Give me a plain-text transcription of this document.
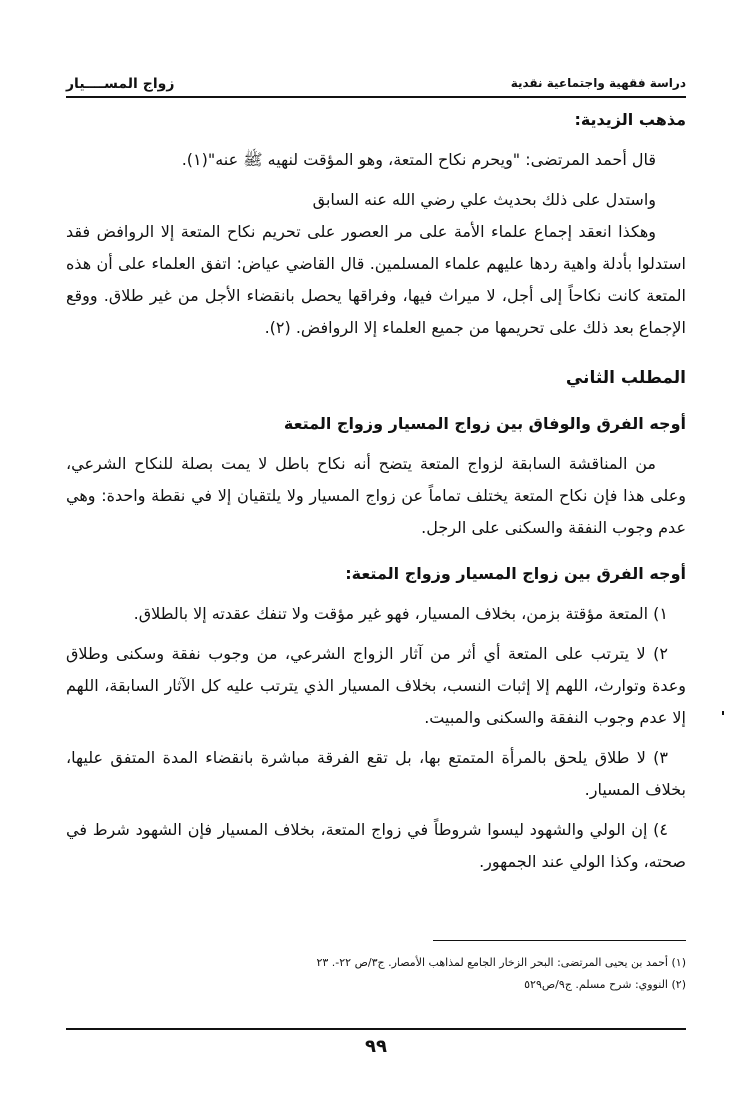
دراسة فقهية واجتماعية نقدية
زواج المســــيار

مذهب الزيدية:

قال أحمد المرتضى: "ويحرم نكاح المتعة، وهو المؤقت لنهيه ﷺ عنه"(١).

واستدل على ذلك بحديث علي رضي الله عنه السابق

وهكذا انعقد إجماع علماء الأمة على مر العصور على تحريم نكاح المتعة إلا الروافض فقد استدلوا بأدلة واهية ردها عليهم علماء المسلمين. قال القاضي عياض: اتفق العلماء على أن هذه المتعة كانت نكاحاً إلى أجل، لا ميراث فيها، وفراقها يحصل بانقضاء الأجل من غير طلاق. ووقع الإجماع بعد ذلك على تحريمها من جميع العلماء إلا الروافض. (٢).

المطلب الثاني

أوجه الفرق والوفاق بين زواج المسيار وزواج المتعة

من المناقشة السابقة لزواج المتعة يتضح أنه نكاح باطل لا يمت بصلة للنكاح الشرعي، وعلى هذا فإن نكاح المتعة يختلف تماماً عن زواج المسيار ولا يلتقيان إلا في نقطة واحدة: وهي عدم وجوب النفقة والسكنى على الرجل.

أوجه الفرق بين زواج المسيار وزواج المتعة:

١) المتعة مؤقتة بزمن، بخلاف المسيار، فهو غير مؤقت ولا تنفك عقدته إلا بالطلاق.

٢) لا يترتب على المتعة أي أثر من آثار الزواج الشرعي، من وجوب نفقة وسكنى وطلاق وعدة وتوارث، اللهم إلا إثبات النسب، بخلاف المسيار الذي يترتب عليه كل الآثار السابقة، اللهم إلا عدم وجوب النفقة والسكنى والمبيت.

٣) لا طلاق يلحق بالمرأة المتمتع بها، بل تقع الفرقة مباشرة بانقضاء المدة المتفق عليها، بخلاف المسيار.

٤) إن الولي والشهود ليسوا شروطاً في زواج المتعة، بخلاف المسيار فإن الشهود شرط في صحته، وكذا الولي عند الجمهور.

(١) أحمد بن يحيى المرتضى: البحر الزخار الجامع لمذاهب الأمصار. ج٣/ص ٢٢-. ٢٣

(٢) النووي: شرح مسلم. ج٩/ص٥٢٩

٩٩
